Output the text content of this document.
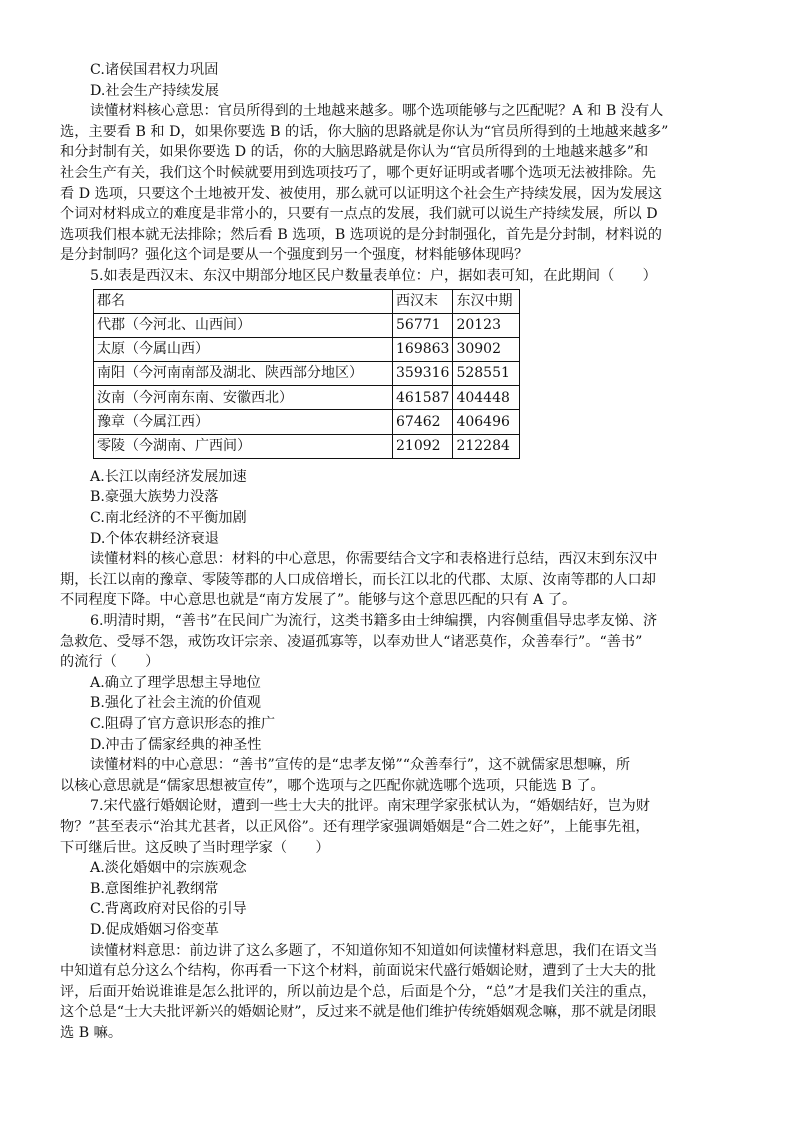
C.诸侯国君权力巩固
D.社会生产持续发展
读懂材料核心意思：官员所得到的土地越来越多。哪个选项能够与之匹配呢？A 和 B 没有人
选，主要看 B 和 D，如果你要选 B 的话，你大脑的思路就是你认为“官员所得到的土地越来越多”
和分封制有关，如果你要选 D 的话，你的大脑思路就是你认为“官员所得到的土地越来越多”和
社会生产有关，我们这个时候就要用到选项技巧了，哪个更好证明或者哪个选项无法被排除。先
看 D 选项，只要这个土地被开发、被使用，那么就可以证明这个社会生产持续发展，因为发展这
个词对材料成立的难度是非常小的，只要有一点点的发展，我们就可以说生产持续发展，所以 D
选项我们根本就无法排除；然后看 B 选项，B 选项说的是分封制强化，首先是分封制，材料说的
是分封制吗？强化这个词是要从一个强度到另一个强度，材料能够体现吗？
5.如表是西汉末、东汉中期部分地区民户数量表单位：户，据如表可知，在此期间（　　）
郡名	西汉末	东汉中期
代郡（今河北、山西间）	56771	20123
太原（今属山西）	169863	30902
南阳（今河南南部及湖北、陕西部分地区）	359316	528551
汝南（今河南东南、安徽西北）	461587	404448
豫章（今属江西）	67462	406496
零陵（今湖南、广西间）	21092	212284
A.长江以南经济发展加速
B.豪强大族势力没落
C.南北经济的不平衡加剧
D.个体农耕经济衰退
读懂材料的核心意思：材料的中心意思，你需要结合文字和表格进行总结，西汉末到东汉中
期，长江以南的豫章、零陵等郡的人口成倍增长，而长江以北的代郡、太原、汝南等郡的人口却
不同程度下降。中心意思也就是“南方发展了”。能够与这个意思匹配的只有 A 了。
6.明清时期，“善书”在民间广为流行，这类书籍多由士绅编撰，内容侧重倡导忠孝友悌、济
急救危、受辱不怨，戒饬攻讦宗亲、凌逼孤寡等，以奉劝世人“诸恶莫作，众善奉行”。“善书”
的流行（　　）
A.确立了理学思想主导地位
B.强化了社会主流的价值观
C.阻碍了官方意识形态的推广
D.冲击了儒家经典的神圣性
读懂材料的中心意思：“善书”宣传的是“忠孝友悌”“众善奉行”，这不就儒家思想嘛，所
以核心意思就是“儒家思想被宣传”，哪个选项与之匹配你就选哪个选项，只能选 B 了。
7.宋代盛行婚姻论财，遭到一些士大夫的批评。南宋理学家张栻认为，“婚姻结好，岂为财
物？”甚至表示“治其尤甚者，以正风俗”。还有理学家强调婚姻是“合二姓之好”，上能事先祖，
下可继后世。这反映了当时理学家（　　）
A.淡化婚姻中的宗族观念
B.意图维护礼教纲常
C.背离政府对民俗的引导
D.促成婚姻习俗变革
读懂材料意思：前边讲了这么多题了，不知道你知不知道如何读懂材料意思，我们在语文当
中知道有总分这么个结构，你再看一下这个材料，前面说宋代盛行婚姻论财，遭到了士大夫的批
评，后面开始说谁谁是怎么批评的，所以前边是个总，后面是个分，“总”才是我们关注的重点，
这个总是“士大夫批评新兴的婚姻论财”，反过来不就是他们维护传统婚姻观念嘛，那不就是闭眼
选 B 嘛。
